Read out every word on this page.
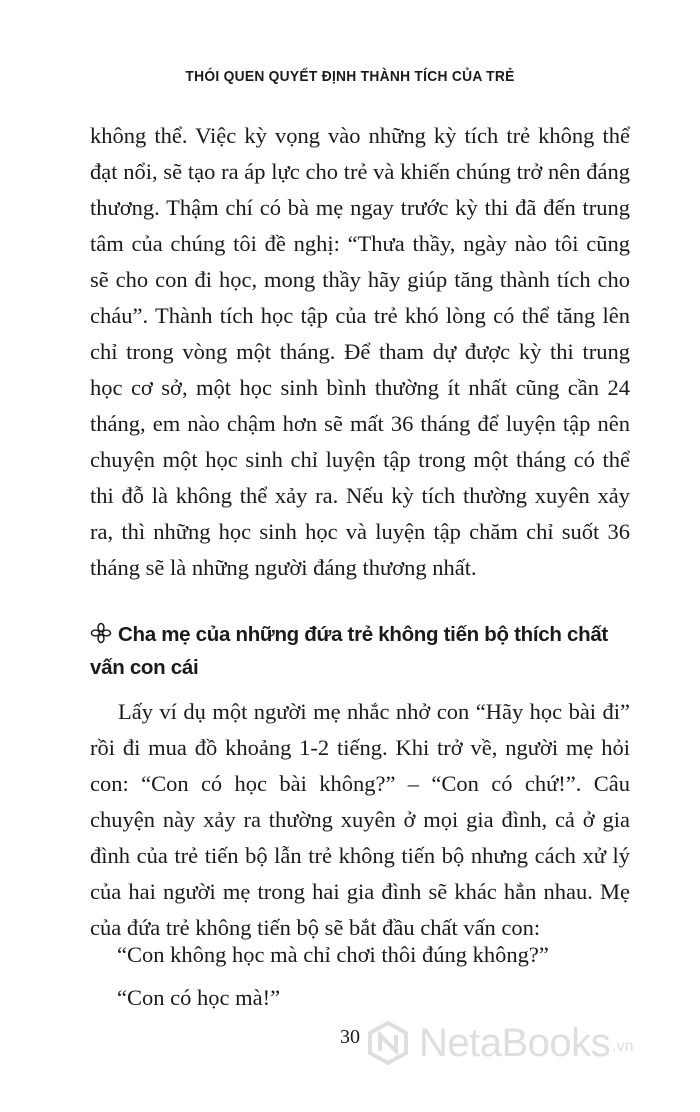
THÓI QUEN QUYẾT ĐỊNH THÀNH TÍCH CỦA TRẺ

không thể. Việc kỳ vọng vào những kỳ tích trẻ không thể đạt nổi, sẽ tạo ra áp lực cho trẻ và khiến chúng trở nên đáng thương. Thậm chí có bà mẹ ngay trước kỳ thi đã đến trung tâm của chúng tôi đề nghị: “Thưa thầy, ngày nào tôi cũng sẽ cho con đi học, mong thầy hãy giúp tăng thành tích cho cháu”. Thành tích học tập của trẻ khó lòng có thể tăng lên chỉ trong vòng một tháng. Để tham dự được kỳ thi trung học cơ sở, một học sinh bình thường ít nhất cũng cần 24 tháng, em nào chậm hơn sẽ mất 36 tháng để luyện tập nên chuyện một học sinh chỉ luyện tập trong một tháng có thể thi đỗ là không thể xảy ra. Nếu kỳ tích thường xuyên xảy ra, thì những học sinh học và luyện tập chăm chỉ suốt 36 tháng sẽ là những người đáng thương nhất.

Cha mẹ của những đứa trẻ không tiến bộ thích chất vấn con cái

Lấy ví dụ một người mẹ nhắc nhở con “Hãy học bài đi” rồi đi mua đồ khoảng 1-2 tiếng. Khi trở về, người mẹ hỏi con: “Con có học bài không?” – “Con có chứ!”. Câu chuyện này xảy ra thường xuyên ở mọi gia đình, cả ở gia đình của trẻ tiến bộ lẫn trẻ không tiến bộ nhưng cách xử lý của hai người mẹ trong hai gia đình sẽ khác hẳn nhau. Mẹ của đứa trẻ không tiến bộ sẽ bắt đầu chất vấn con:

“Con không học mà chỉ chơi thôi đúng không?”
“Con có học mà!”
30	NetaBooks .vn
